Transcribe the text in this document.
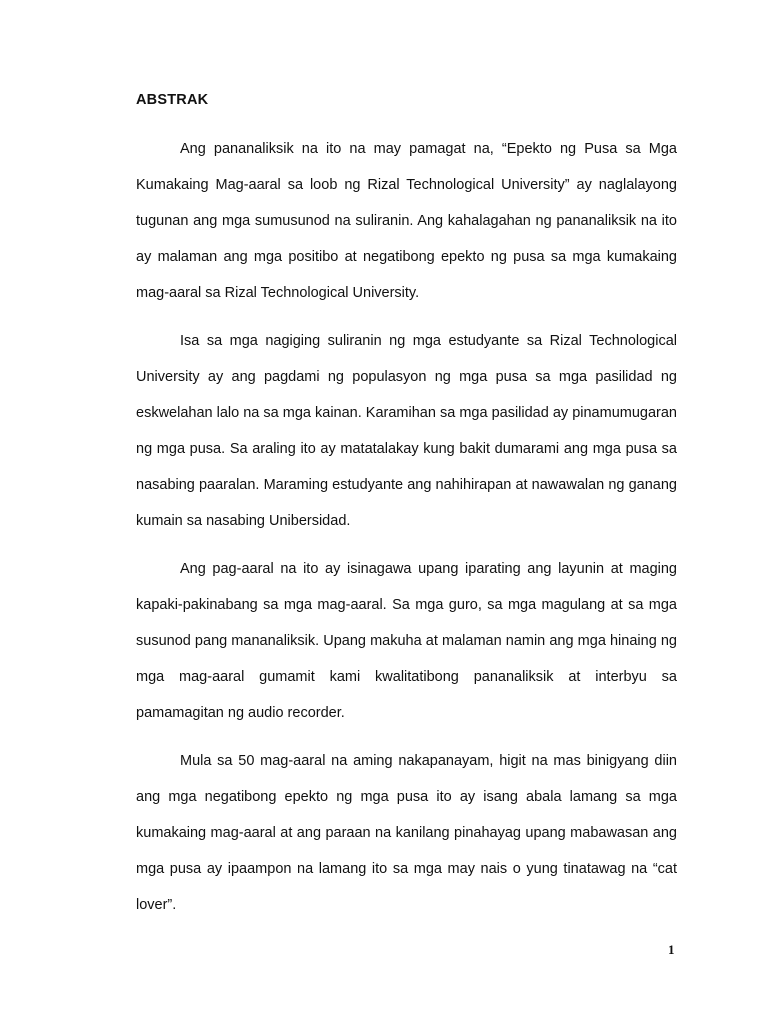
ABSTRAK

Ang pananaliksik na ito na may pamagat na, “Epekto ng Pusa sa Mga Kumakaing Mag-aaral sa loob ng Rizal Technological University” ay naglalayong tugunan ang mga sumusunod na suliranin. Ang kahalagahan ng pananaliksik na ito ay malaman ang mga positibo at negatibong epekto ng pusa sa mga kumakaing mag-aaral sa Rizal Technological University.

Isa sa mga nagiging suliranin ng mga estudyante sa Rizal Technological University ay ang pagdami ng populasyon ng mga pusa sa mga pasilidad ng eskwelahan lalo na sa mga kainan. Karamihan sa mga pasilidad ay pinamumugaran ng mga pusa. Sa araling ito ay matatalakay kung bakit dumarami ang mga pusa sa nasabing paaralan. Maraming estudyante ang nahihirapan at nawawalan ng ganang kumain sa nasabing Unibersidad.

Ang pag-aaral na ito ay isinagawa upang iparating ang layunin at maging kapaki-pakinabang sa mga mag-aaral. Sa mga guro, sa mga magulang at sa mga susunod pang mananaliksik. Upang makuha at malaman namin ang mga hinaing ng mga mag-aaral gumamit kami kwalitatibong pananaliksik at interbyu sa pamamagitan ng audio recorder.

Mula sa 50 mag-aaral na aming nakapanayam, higit na mas binigyang diin ang mga negatibong epekto ng mga pusa ito ay isang abala lamang sa mga kumakaing mag-aaral at ang paraan na kanilang pinahayag upang mabawasan ang mga pusa ay ipaampon na lamang ito sa mga may nais o yung tinatawag na “cat lover”.

1
